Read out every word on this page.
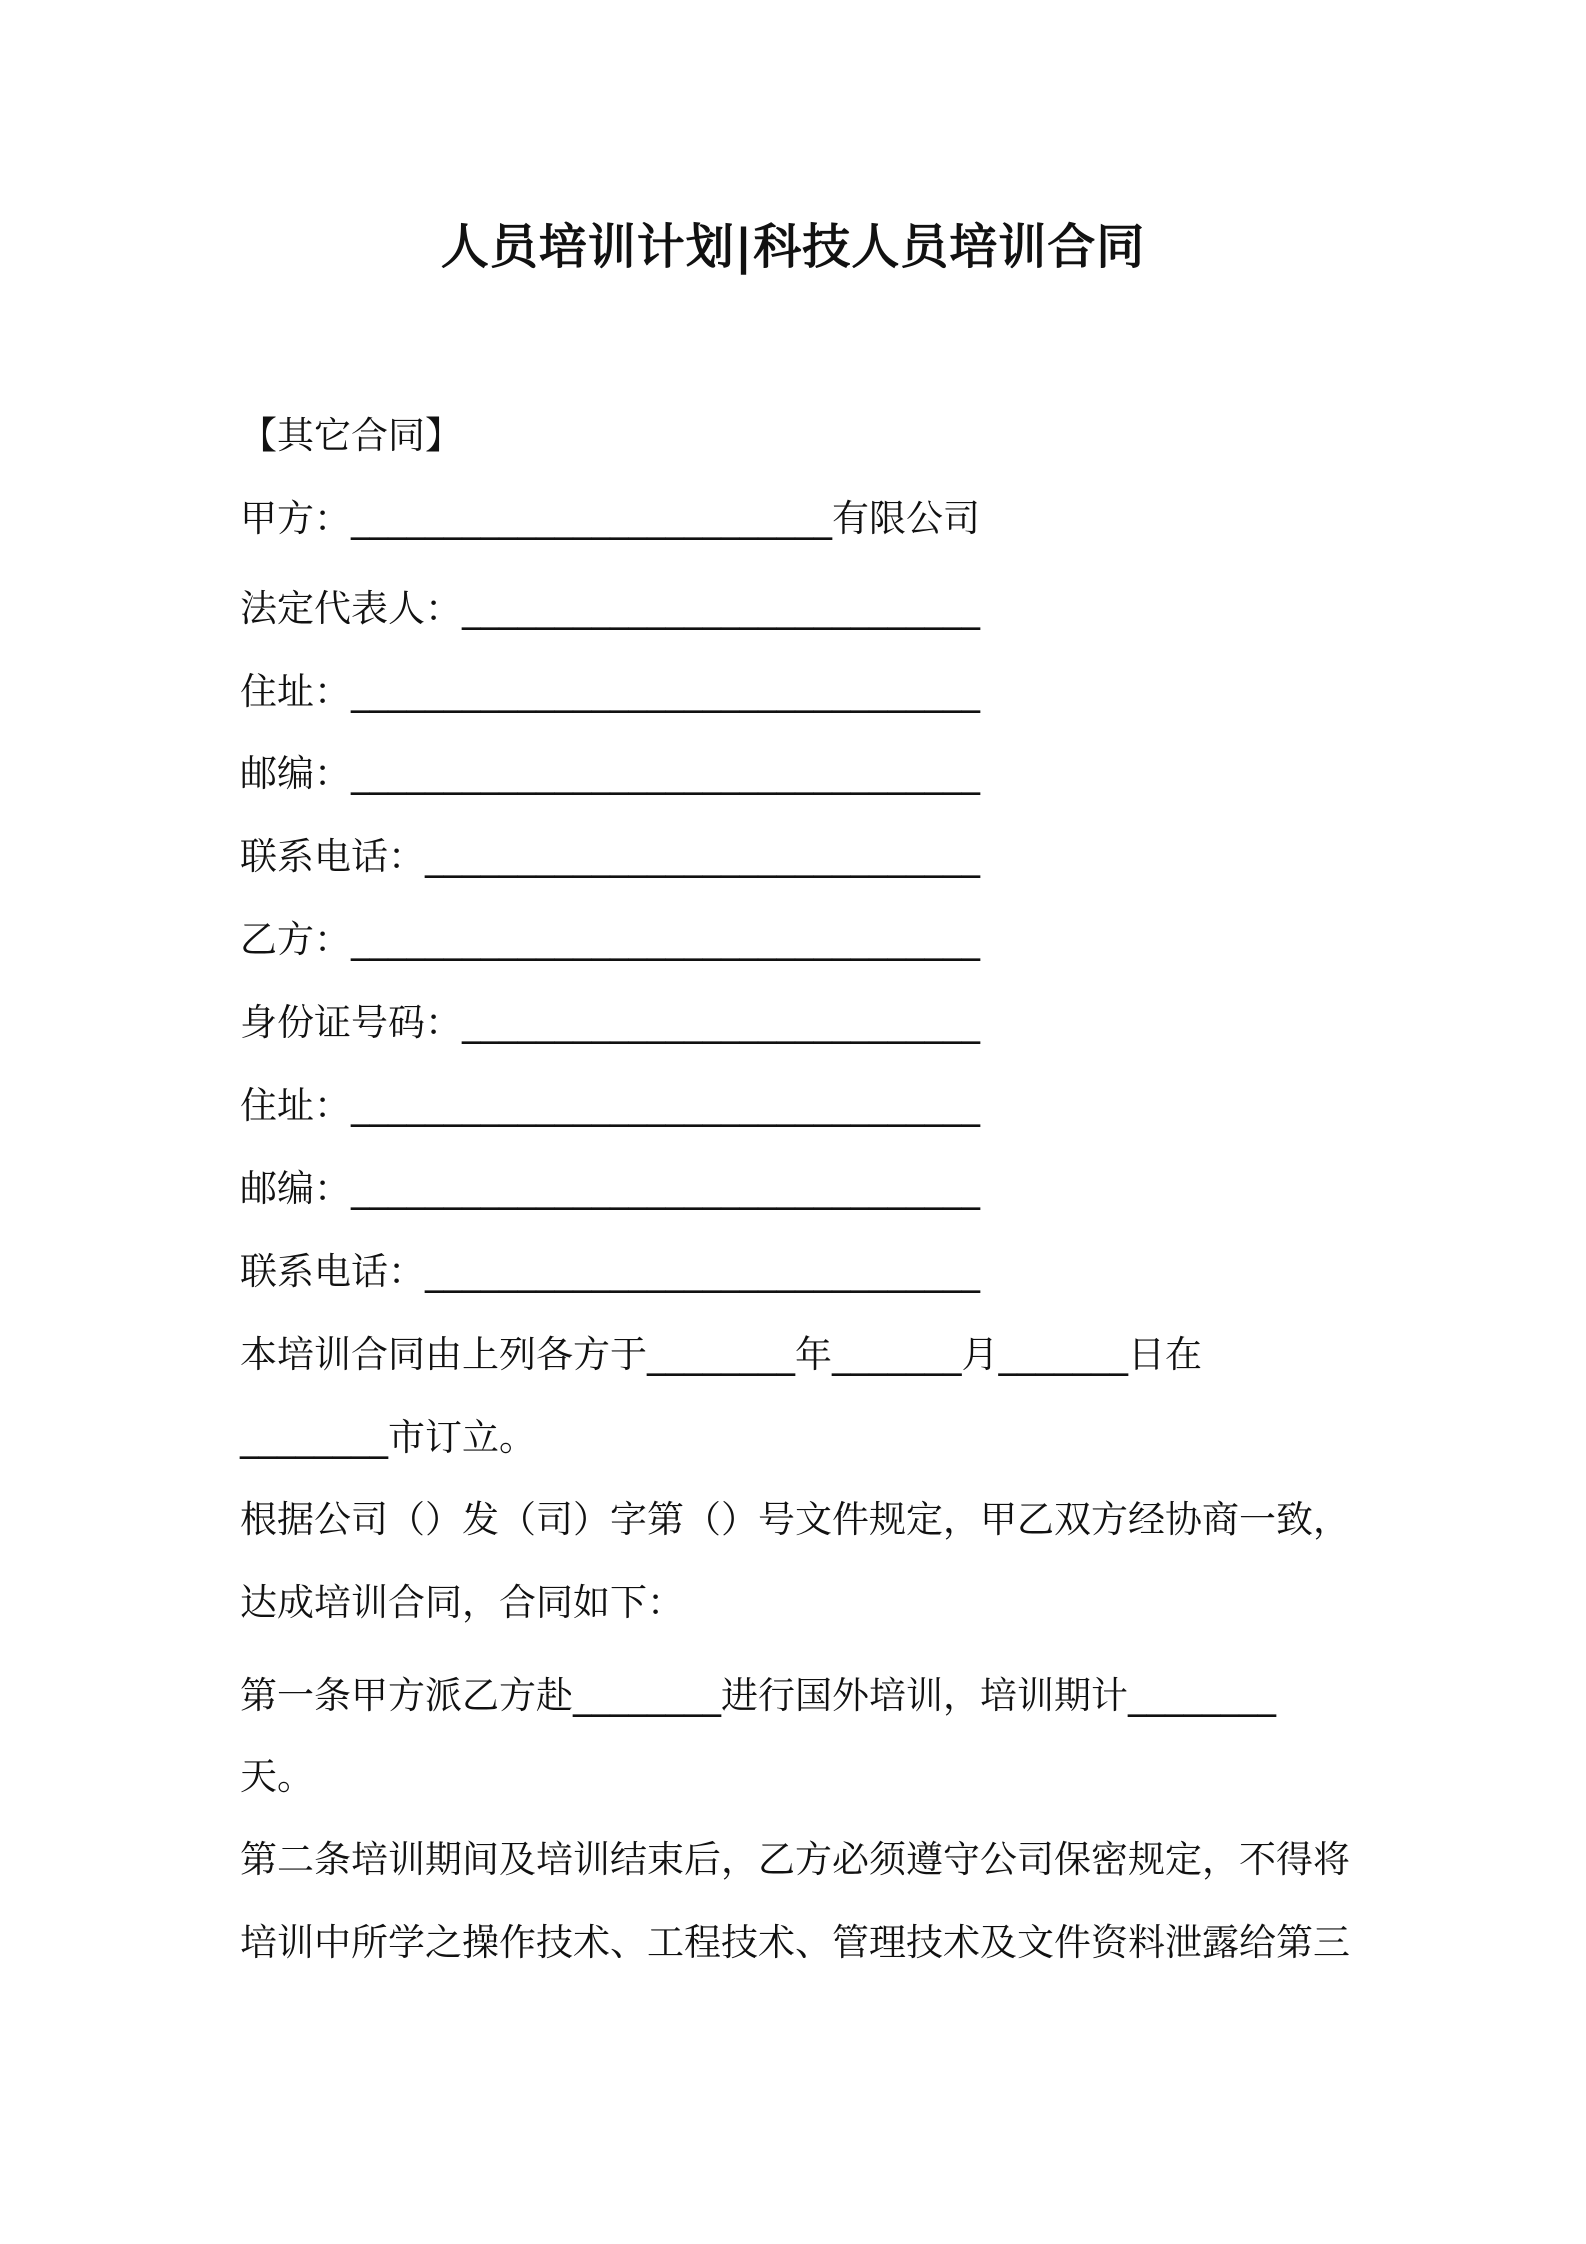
人员培训计划|科技人员培训合同
【其它合同】
甲方：__________________________有限公司
法定代表人：____________________________
住址：__________________________________
邮编：__________________________________
联系电话：______________________________
乙方：__________________________________
身份证号码：____________________________
住址：__________________________________
邮编：__________________________________
联系电话：______________________________
本培训合同由上列各方于________年_______月_______日在
________市订立。
根据公司（）发（司）字第（）号文件规定，甲乙双方经协商一致，
达成培训合同，合同如下：
第一条甲方派乙方赴________进行国外培训，培训期计________
天。
第二条培训期间及培训结束后，乙方必须遵守公司保密规定，不得将
培训中所学之操作技术、工程技术、管理技术及文件资料泄露给第三
